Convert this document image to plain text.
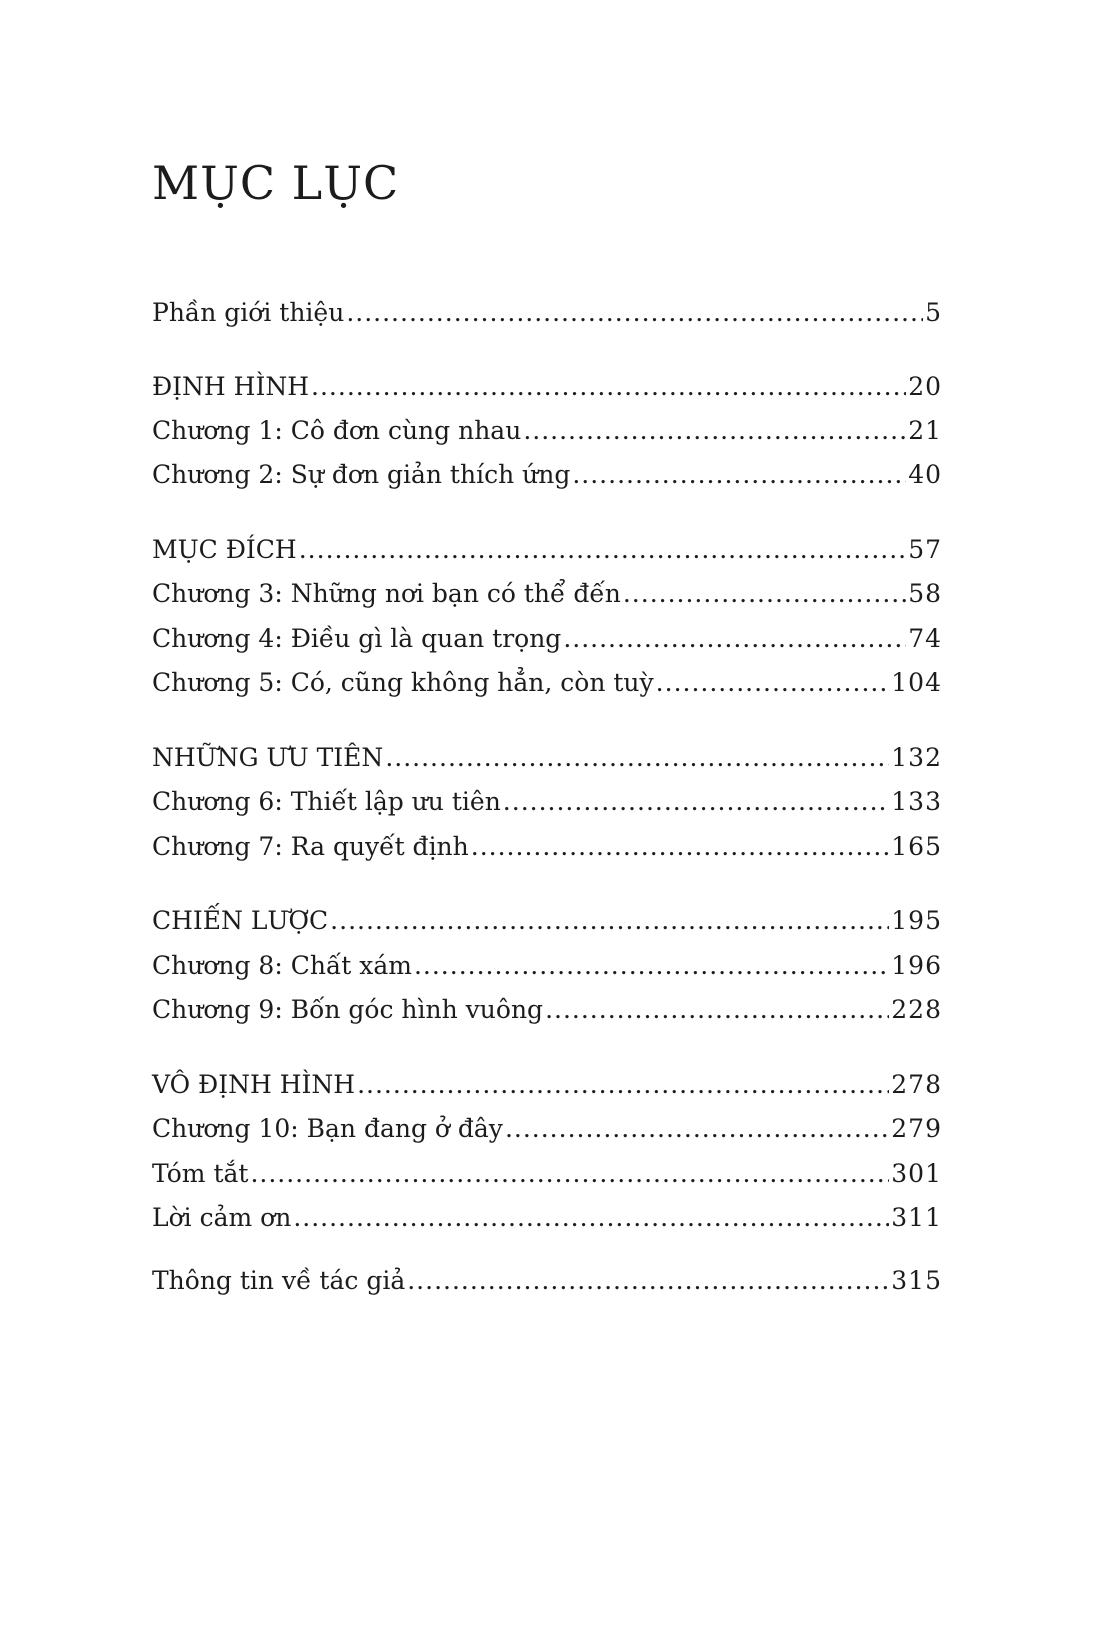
MỤC LỤC
Phần giới thiệu .....	5
ĐỊNH HÌNH .....	20
Chương 1: Cô đơn cùng nhau .....	21
Chương 2: Sự đơn giản thích ứng .....	40
MỤC ĐÍCH .....	57
Chương 3: Những nơi bạn có thể đến .....	58
Chương 4: Điều gì là quan trọng .....	74
Chương 5: Có, cũng không hẳn, còn tuỳ .....	104
NHỮNG ƯU TIÊN .....	132
Chương 6: Thiết lập ưu tiên .....	133
Chương 7: Ra quyết định .....	165
CHIẾN LƯỢC .....	195
Chương 8: Chất xám .....	196
Chương 9: Bốn góc hình vuông .....	228
VÔ ĐỊNH HÌNH .....	278
Chương 10: Bạn đang ở đây .....	279
Tóm tắt .....	301
Lời cảm ơn .....	311
Thông tin về tác giả .....	315
